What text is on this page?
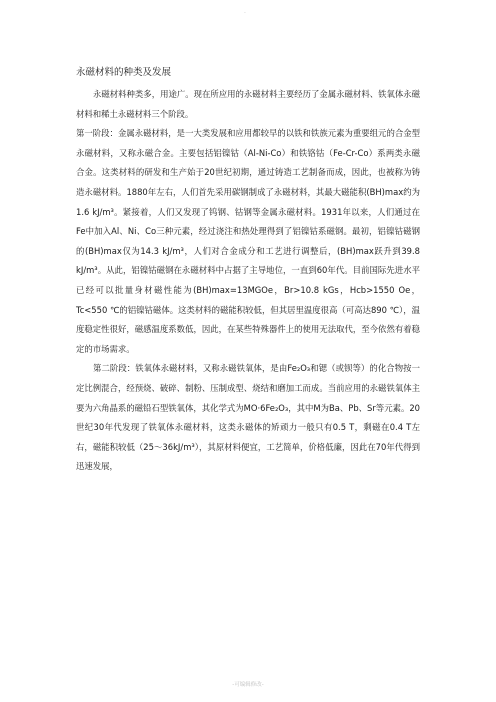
·
永磁材料的种类及发展

永磁材料种类多，用途广。现在所应用的永磁材料主要经历了金属永磁材料、铁氧体永磁材料和稀土永磁材料三个阶段。

第一阶段：金属永磁材料，是一大类发展和应用都较早的以铁和铁族元素为重要组元的合金型永磁材料，又称永磁合金。主要包括铝镍钴（Al-Ni-Co）和铁铬钴（Fe-Cr-Co）系两类永磁合金。这类材料的研发和生产始于20世纪初期，通过铸造工艺制备而成，因此，也被称为铸造永磁材料。1880年左右，人们首先采用碳钢制成了永磁材料，其最大磁能积(BH)max约为1.6 kJ/m³。紧接着，人们又发现了钨钢、钴钢等金属永磁材料。1931年以来，人们通过在Fe中加入Al、Ni、Co三种元素，经过浇注和热处理得到了铝镍钴系磁钢。最初，铝镍钴磁钢的(BH)max仅为14.3 kJ/m³，人们对合金成分和工艺进行调整后，(BH)max跃升到39.8 kJ/m³。从此，铝镍钴磁钢在永磁材料中占据了主导地位，一直到60年代。目前国际先进水平已经可以批量身材磁性能为(BH)max=13MGOe，Br>10.8 kGs，Hcb>1550 Oe，Tc<550 ℃的铝镍钴磁体。这类材料的磁能积较低，但其居里温度很高（可高达890 ℃），温度稳定性很好，磁感温度系数低，因此，在某些特殊器件上的使用无法取代，至今依然有着稳定的市场需求。

第二阶段：铁氧体永磁材料，又称永磁铁氧体，是由Fe₂O₃和锶（或钡等）的化合物按一定比例混合，经预烧、破碎、制粉、压制成型、烧结和磨加工而成。当前应用的永磁铁氧体主要为六角晶系的磁铅石型铁氧体，其化学式为MO·6Fe₂O₃，其中M为Ba、Pb、Sr等元素。20世纪30年代发现了铁氧体永磁材料，这类永磁体的矫顽力一般只有0.5 T，剩磁在0.4 T左右，磁能积较低（25～36kJ/m³），其原材料便宜，工艺简单，价格低廉，因此在70年代得到迅速发展，

-可编辑修改-
